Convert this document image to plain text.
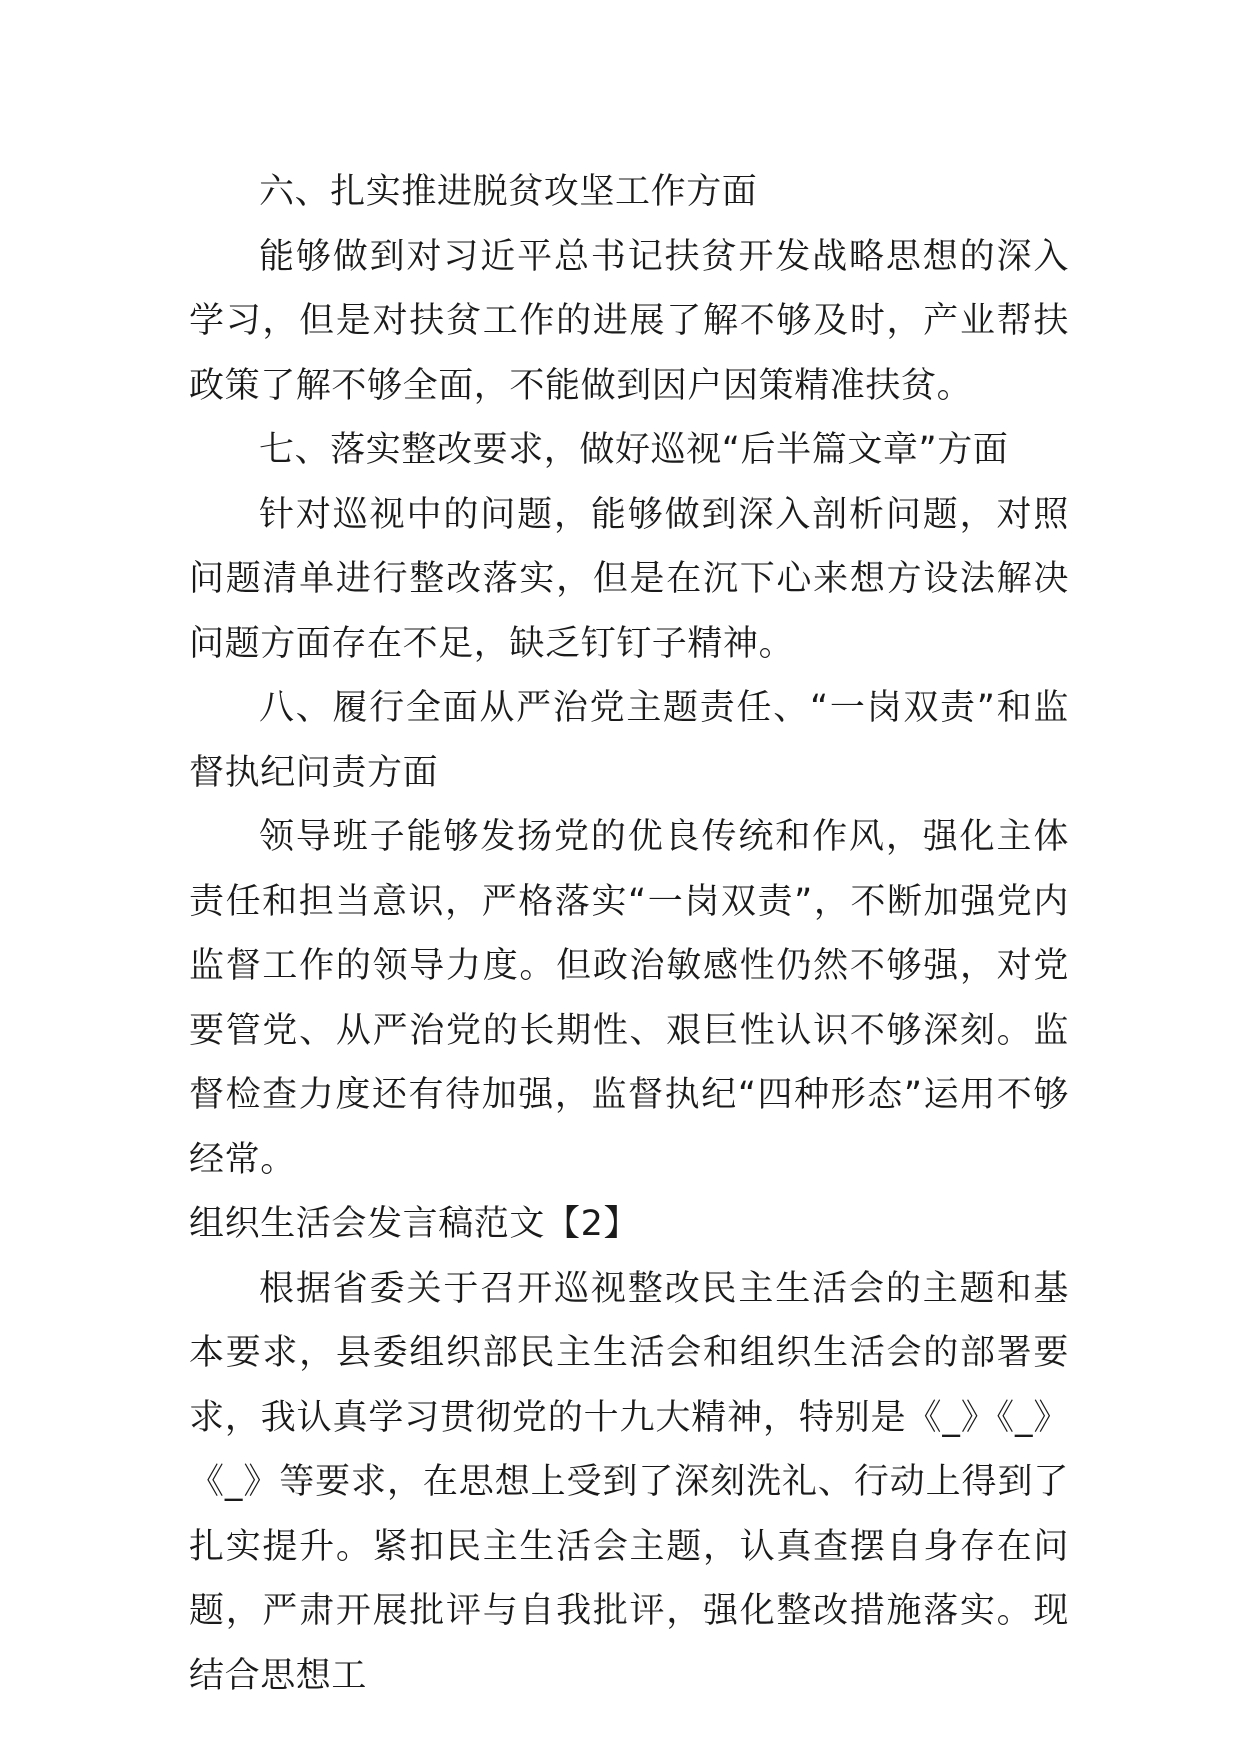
六、扎实推进脱贫攻坚工作方面

能够做到对习近平总书记扶贫开发战略思想的深入学习，但是对扶贫工作的进展了解不够及时，产业帮扶政策了解不够全面，不能做到因户因策精准扶贫。

七、落实整改要求，做好巡视“后半篇文章”方面

针对巡视中的问题，能够做到深入剖析问题，对照问题清单进行整改落实，但是在沉下心来想方设法解决问题方面存在不足，缺乏钉钉子精神。

八、履行全面从严治党主题责任、“一岗双责”和监督执纪问责方面

领导班子能够发扬党的优良传统和作风，强化主体责任和担当意识，严格落实“一岗双责”，不断加强党内监督工作的领导力度。但政治敏感性仍然不够强，对党要管党、从严治党的长期性、艰巨性认识不够深刻。监督检查力度还有待加强，监督执纪“四种形态”运用不够经常。

组织生活会发言稿范文【2】

根据省委关于召开巡视整改民主生活会的主题和基本要求，县委组织部民主生活会和组织生活会的部署要求，我认真学习贯彻党的十九大精神，特别是《_》《_》《_》等要求，在思想上受到了深刻洗礼、行动上得到了扎实提升。紧扣民主生活会主题，认真查摆自身存在问题，严肃开展批评与自我批评，强化整改措施落实。现结合思想工
